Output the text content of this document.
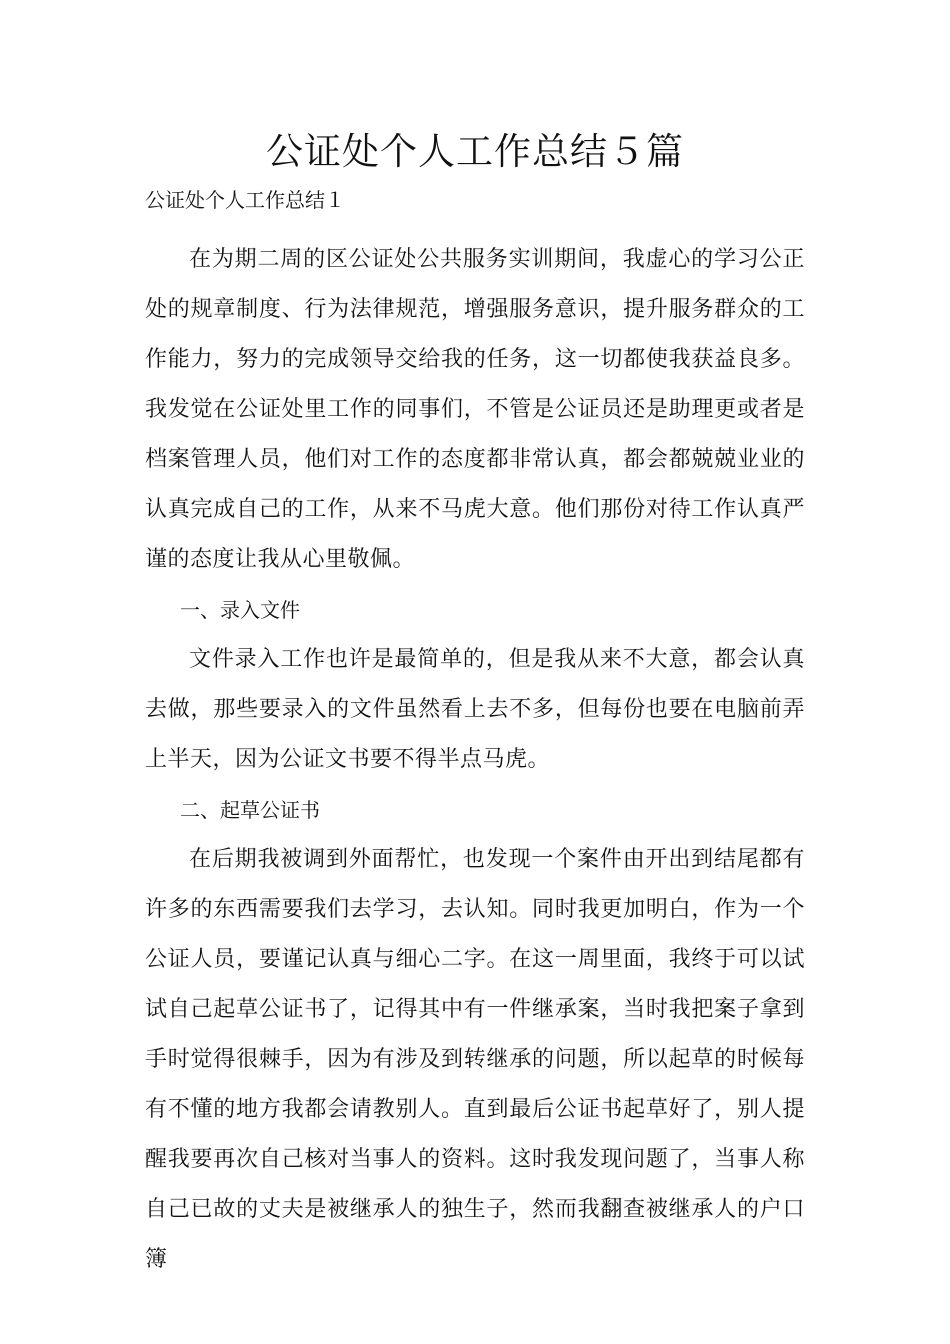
公证处个人工作总结５篇

公证处个人工作总结１

在为期二周的区公证处公共服务实训期间，我虚心的学习公正处的规章制度、行为法律规范，增强服务意识，提升服务群众的工作能力，努力的完成领导交给我的任务，这一切都使我获益良多。我发觉在公证处里工作的同事们，不管是公证员还是助理更或者是档案管理人员，他们对工作的态度都非常认真，都会都兢兢业业的认真完成自己的工作，从来不马虎大意。他们那份对待工作认真严谨的态度让我从心里敬佩。

一、录入文件

文件录入工作也许是最简单的，但是我从来不大意，都会认真去做，那些要录入的文件虽然看上去不多，但每份也要在电脑前弄上半天，因为公证文书要不得半点马虎。

二、起草公证书

在后期我被调到外面帮忙，也发现一个案件由开出到结尾都有许多的东西需要我们去学习，去认知。同时我更加明白，作为一个公证人员，要谨记认真与细心二字。在这一周里面，我终于可以试试自己起草公证书了，记得其中有一件继承案，当时我把案子拿到手时觉得很棘手，因为有涉及到转继承的问题，所以起草的时候每有不懂的地方我都会请教别人。直到最后公证书起草好了，别人提醒我要再次自己核对当事人的资料。这时我发现问题了，当事人称自己已故的丈夫是被继承人的独生子，然而我翻查被继承人的户口簿
